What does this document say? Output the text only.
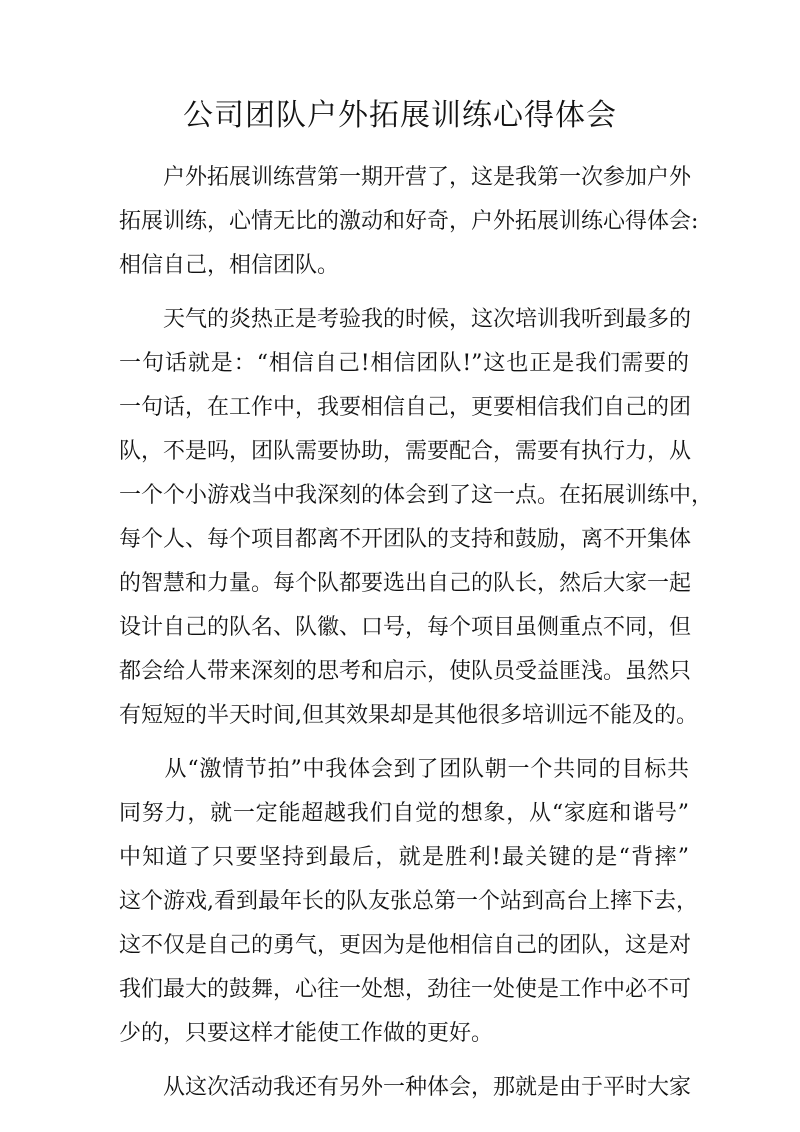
公司团队户外拓展训练心得体会
　　户外拓展训练营第一期开营了，这是我第一次参加户外
拓展训练，心情无比的激动和好奇，户外拓展训练心得体会:
相信自己，相信团队。
　　天气的炎热正是考验我的时候，这次培训我听到最多的
一句话就是：“相信自己!相信团队!”这也正是我们需要的
一句话，在工作中，我要相信自己，更要相信我们自己的团
队，不是吗，团队需要协助，需要配合，需要有执行力，从
一个个小游戏当中我深刻的体会到了这一点。在拓展训练中，
每个人、每个项目都离不开团队的支持和鼓励，离不开集体
的智慧和力量。每个队都要选出自己的队长，然后大家一起
设计自己的队名、队徽、口号，每个项目虽侧重点不同，但
都会给人带来深刻的思考和启示，使队员受益匪浅。虽然只
有短短的半天时间,但其效果却是其他很多培训远不能及的。
　　从“激情节拍”中我体会到了团队朝一个共同的目标共
同努力，就一定能超越我们自觉的想象，从“家庭和谐号”
中知道了只要坚持到最后，就是胜利!最关键的是“背摔”
这个游戏,看到最年长的队友张总第一个站到高台上摔下去，
这不仅是自己的勇气，更因为是他相信自己的团队，这是对
我们最大的鼓舞，心往一处想，劲往一处使是工作中必不可
少的，只要这样才能使工作做的更好。
　　从这次活动我还有另外一种体会，那就是由于平时大家
